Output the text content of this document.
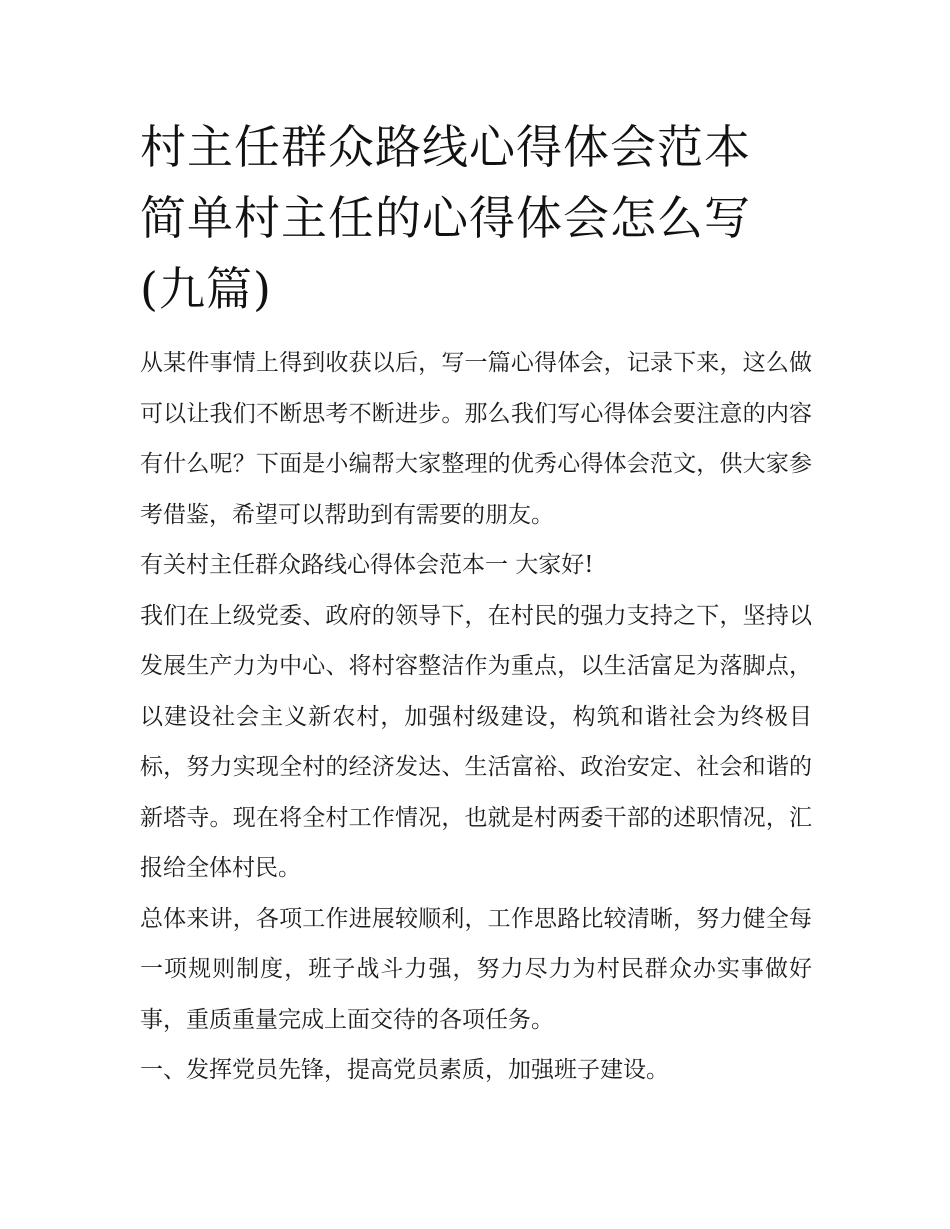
村主任群众路线心得体会范本
简单村主任的心得体会怎么写
(九篇)

从某件事情上得到收获以后，写一篇心得体会，记录下来，这么做可以让我们不断思考不断进步。那么我们写心得体会要注意的内容有什么呢？下面是小编帮大家整理的优秀心得体会范文，供大家参考借鉴，希望可以帮助到有需要的朋友。

有关村主任群众路线心得体会范本一 大家好!

我们在上级党委、政府的领导下，在村民的强力支持之下，坚持以发展生产力为中心、将村容整洁作为重点，以生活富足为落脚点，以建设社会主义新农村，加强村级建设，构筑和谐社会为终极目标，努力实现全村的经济发达、生活富裕、政治安定、社会和谐的新塔寺。现在将全村工作情况，也就是村两委干部的述职情况，汇报给全体村民。

总体来讲，各项工作进展较顺利，工作思路比较清晰，努力健全每一项规则制度，班子战斗力强，努力尽力为村民群众办实事做好事，重质重量完成上面交待的各项任务。

一、发挥党员先锋，提高党员素质，加强班子建设。
